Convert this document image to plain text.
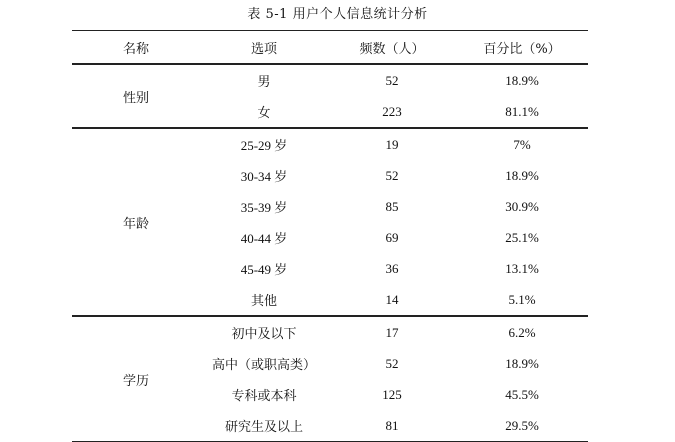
表 5-1 用户个人信息统计分析
名称	选项	频数（人）	百分比（%）
性别	男	52	18.9%
	女	223	81.1%
年龄	25-29 岁	19	7%
	30-34 岁	52	18.9%
	35-39 岁	85	30.9%
	40-44 岁	69	25.1%
	45-49 岁	36	13.1%
	其他	14	5.1%
学历	初中及以下	17	6.2%
	高中（或职高类）	52	18.9%
	专科或本科	125	45.5%
	研究生及以上	81	29.5%
